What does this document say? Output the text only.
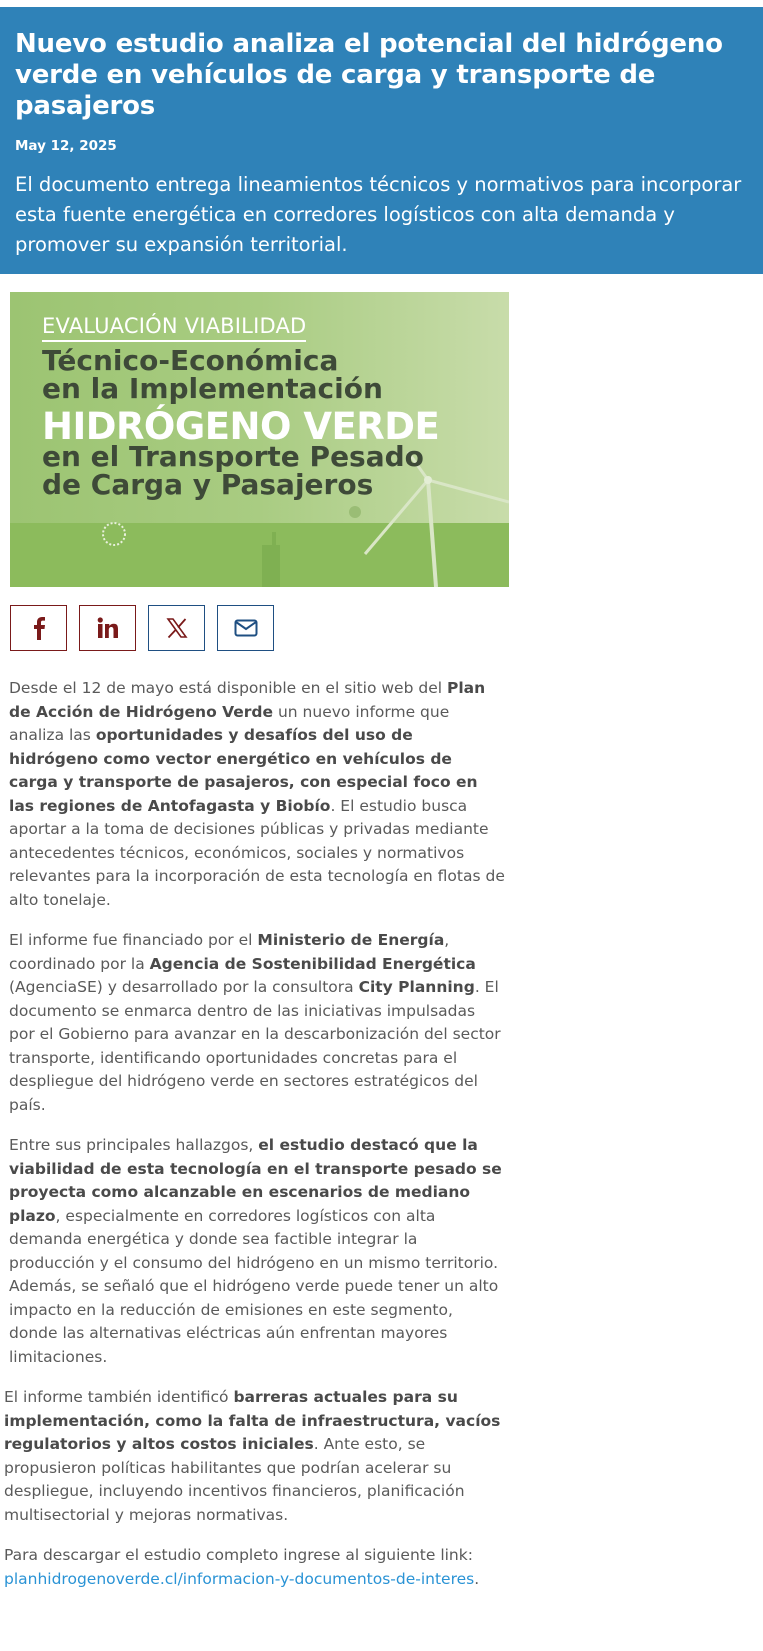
Nuevo estudio analiza el potencial del hidrógeno verde en vehículos de carga y transporte de pasajeros
May 12, 2025
El documento entrega lineamientos técnicos y normativos para incorporar esta fuente energética en corredores logísticos con alta demanda y promover su expansión territorial.
EVALUACIÓN VIABILIDAD
Técnico-Económica
en la Implementación
HIDRÓGENO VERDE
en el Transporte Pesado
de Carga y Pasajeros

Desde el 12 de mayo está disponible en el sitio web del Plan de Acción de Hidrógeno Verde un nuevo informe que analiza las oportunidades y desafíos del uso de hidrógeno como vector energético en vehículos de carga y transporte de pasajeros, con especial foco en las regiones de Antofagasta y Biobío. El estudio busca aportar a la toma de decisiones públicas y privadas mediante antecedentes técnicos, económicos, sociales y normativos relevantes para la incorporación de esta tecnología en flotas de alto tonelaje.

El informe fue financiado por el Ministerio de Energía, coordinado por la Agencia de Sostenibilidad Energética (AgenciaSE) y desarrollado por la consultora City Planning. El documento se enmarca dentro de las iniciativas impulsadas por el Gobierno para avanzar en la descarbonización del sector transporte, identificando oportunidades concretas para el despliegue del hidrógeno verde en sectores estratégicos del país.

Entre sus principales hallazgos, el estudio destacó que la viabilidad de esta tecnología en el transporte pesado se proyecta como alcanzable en escenarios de mediano plazo, especialmente en corredores logísticos con alta demanda energética y donde sea factible integrar la producción y el consumo del hidrógeno en un mismo territorio. Además, se señaló que el hidrógeno verde puede tener un alto impacto en la reducción de emisiones en este segmento, donde las alternativas eléctricas aún enfrentan mayores limitaciones.

El informe también identificó barreras actuales para su implementación, como la falta de infraestructura, vacíos regulatorios y altos costos iniciales. Ante esto, se propusieron políticas habilitantes que podrían acelerar su despliegue, incluyendo incentivos financieros, planificación multisectorial y mejoras normativas.

Para descargar el estudio completo ingrese al siguiente link: planhidrogenoverde.cl/informacion-y-documentos-de-interes.
